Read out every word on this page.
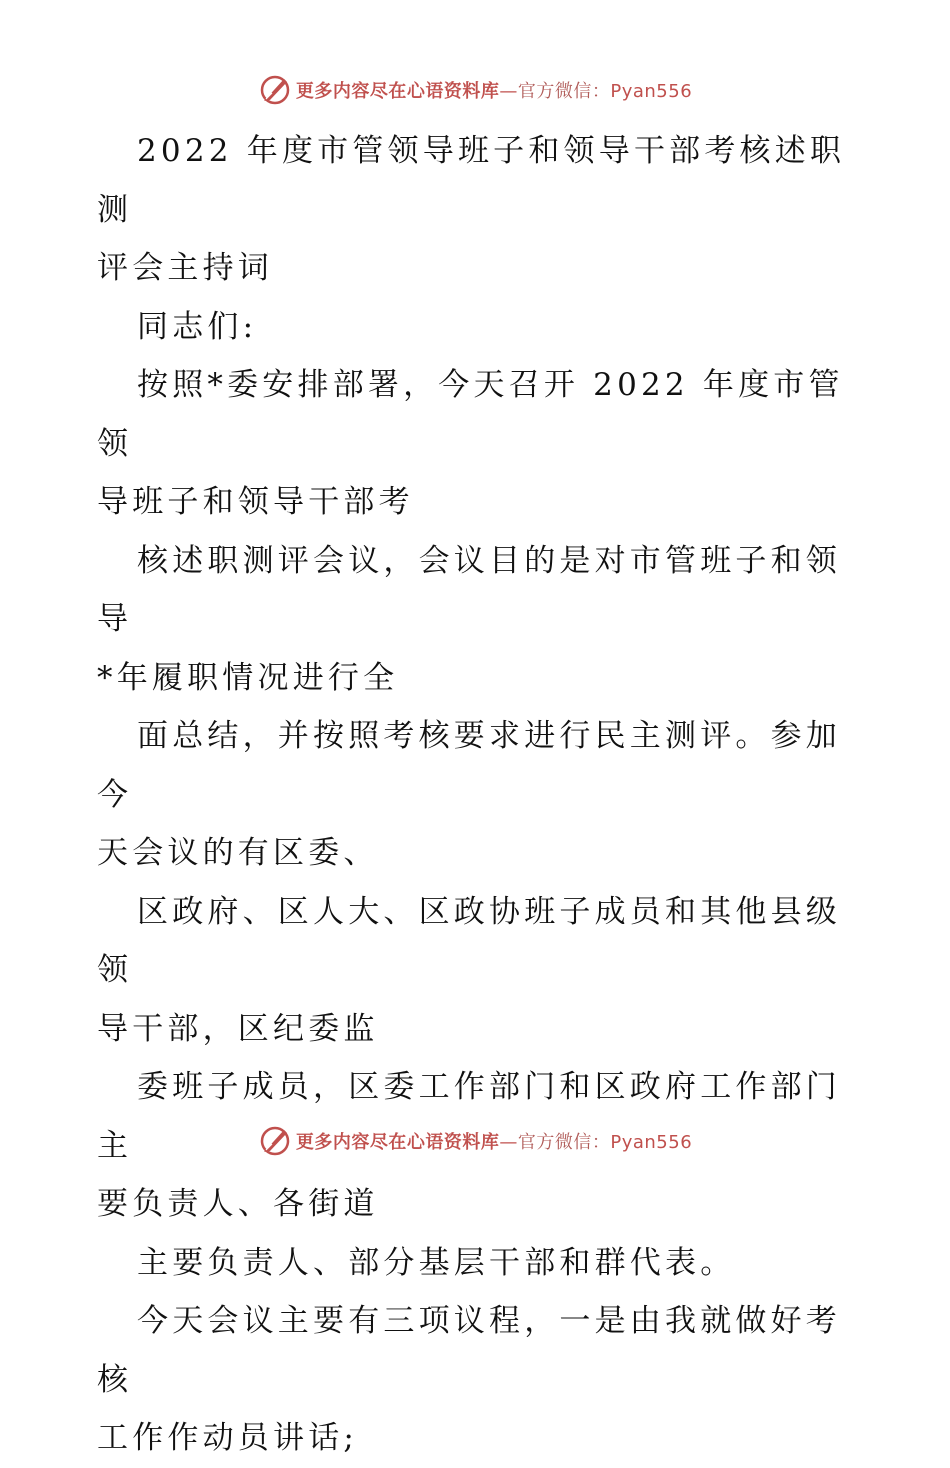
更多内容尽在心语资料库—官方微信：Pyan556

2022 年度市管领导班子和领导干部考核述职测
评会主持词

同志们:

按照*委安排部署，今天召开 2022 年度市管领
导班子和领导干部考

核述职测评会议，会议目的是对市管班子和领导
*年履职情况进行全

面总结，并按照考核要求进行民主测评。参加今
天会议的有区委、

区政府、区人大、区政协班子成员和其他县级领
导干部，区纪委监

委班子成员，区委工作部门和区政府工作部门主
要负责人、各街道

主要负责人、部分基层干部和群代表。

今天会议主要有三项议程，一是由我就做好考核
工作作动员讲话;

更多内容尽在心语资料库—官方微信：Pyan556
